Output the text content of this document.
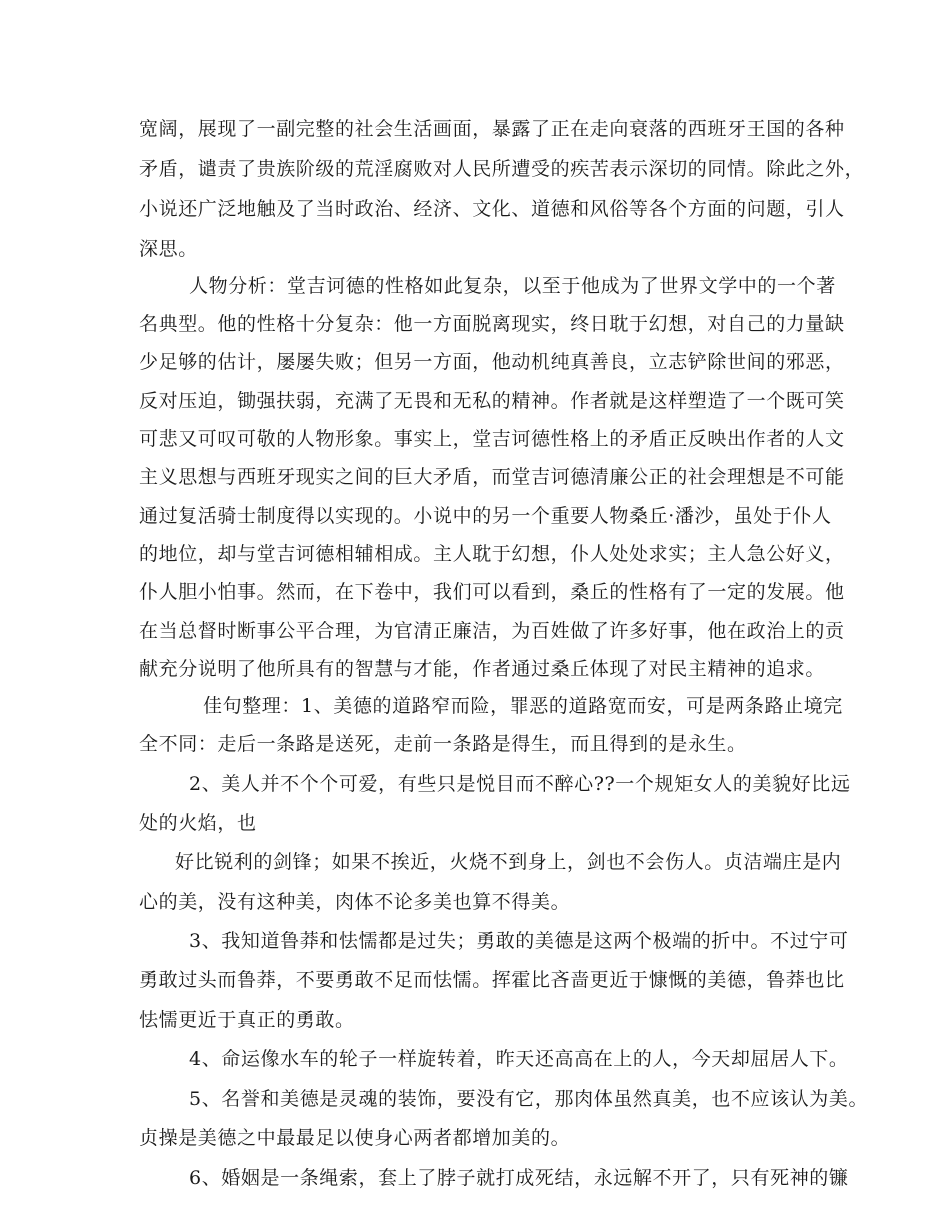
宽阔，展现了一副完整的社会生活画面，暴露了正在走向衰落的西班牙王国的各种
矛盾，谴责了贵族阶级的荒淫腐败对人民所遭受的疾苦表示深切的同情。除此之外，
小说还广泛地触及了当时政治、经济、文化、道德和风俗等各个方面的问题，引人
深思。
人物分析：堂吉诃德的性格如此复杂，以至于他成为了世界文学中的一个著
名典型。他的性格十分复杂：他一方面脱离现实，终日耽于幻想，对自己的力量缺
少足够的估计，屡屡失败；但另一方面，他动机纯真善良，立志铲除世间的邪恶，
反对压迫，锄强扶弱，充满了无畏和无私的精神。作者就是这样塑造了一个既可笑
可悲又可叹可敬的人物形象。事实上，堂吉诃德性格上的矛盾正反映出作者的人文
主义思想与西班牙现实之间的巨大矛盾，而堂吉诃德清廉公正的社会理想是不可能
通过复活骑士制度得以实现的。小说中的另一个重要人物桑丘·潘沙，虽处于仆人
的地位，却与堂吉诃德相辅相成。主人耽于幻想，仆人处处求实；主人急公好义，
仆人胆小怕事。然而，在下卷中，我们可以看到，桑丘的性格有了一定的发展。他
在当总督时断事公平合理，为官清正廉洁，为百姓做了许多好事，他在政治上的贡
献充分说明了他所具有的智慧与才能，作者通过桑丘体现了对民主精神的追求。
佳句整理：1、美德的道路窄而险，罪恶的道路宽而安，可是两条路止境完
全不同：走后一条路是送死，走前一条路是得生，而且得到的是永生。
2、美人并不个个可爱，有些只是悦目而不醉心??一个规矩女人的美貌好比远
处的火焰，也
好比锐利的剑锋；如果不挨近，火烧不到身上，剑也不会伤人。贞洁端庄是内
心的美，没有这种美，肉体不论多美也算不得美。
3、我知道鲁莽和怯懦都是过失；勇敢的美德是这两个极端的折中。不过宁可
勇敢过头而鲁莽，不要勇敢不足而怯懦。挥霍比吝啬更近于慷慨的美德，鲁莽也比
怯懦更近于真正的勇敢。
4、命运像水车的轮子一样旋转着，昨天还高高在上的人，今天却屈居人下。
5、名誉和美德是灵魂的装饰，要没有它，那肉体虽然真美，也不应该认为美。
贞操是美德之中最最足以使身心两者都增加美的。
6、婚姻是一条绳索，套上了脖子就打成死结，永远解不开了，只有死神的镰
